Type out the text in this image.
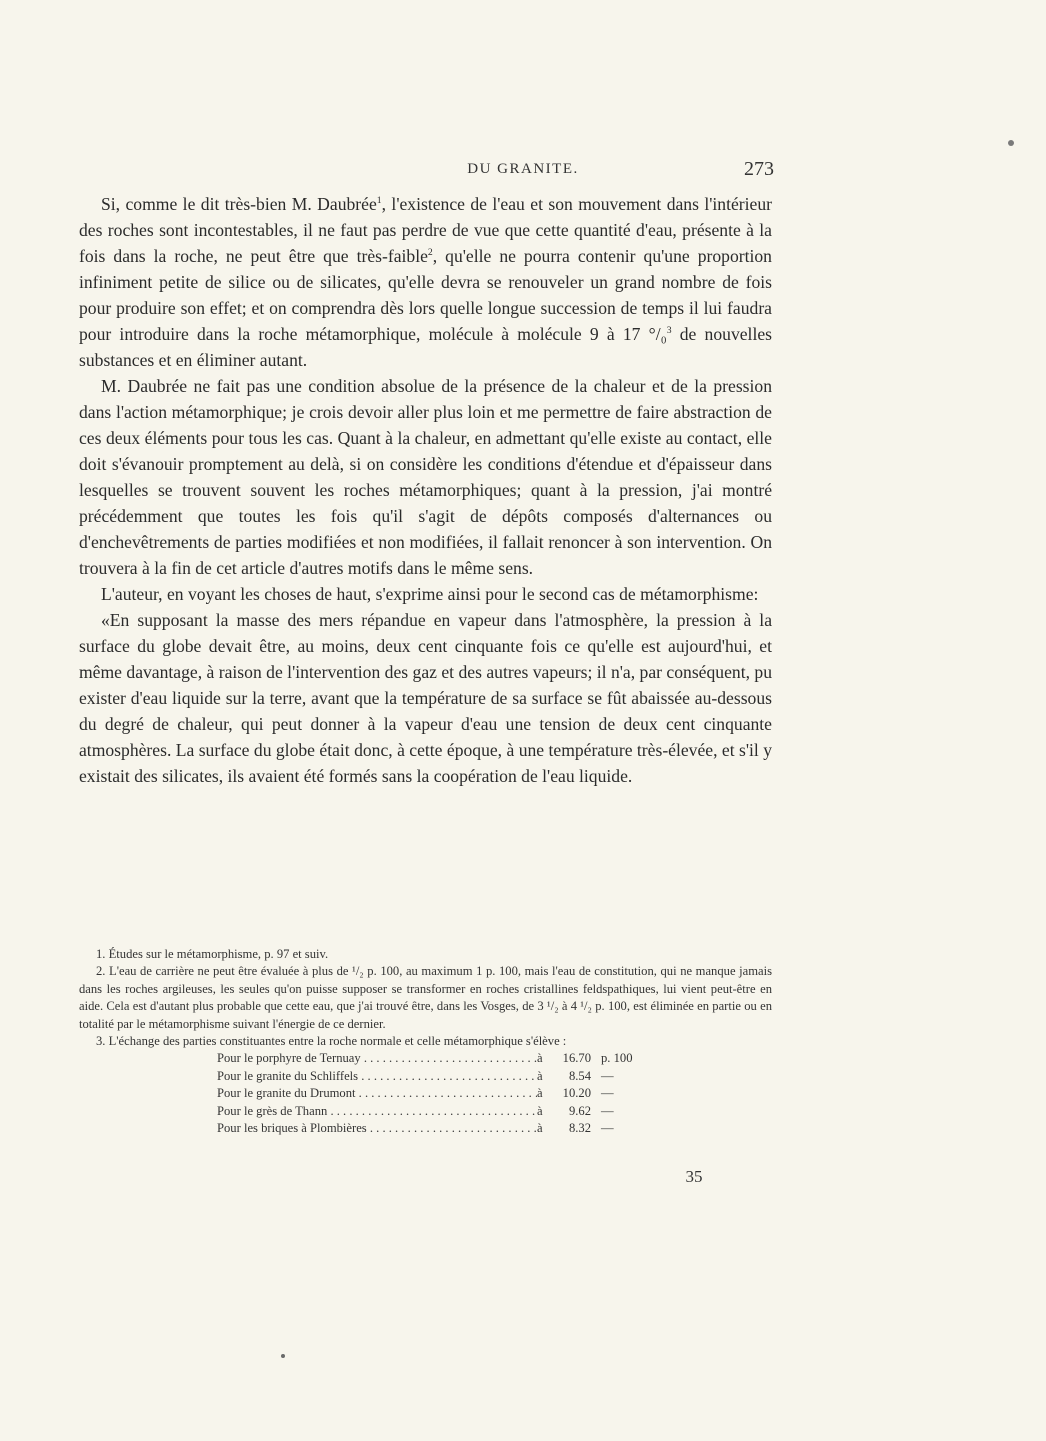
DU GRANITE.	273

Si, comme le dit très-bien M. Daubrée$^1$, l'existence de l'eau et son mouvement dans l'intérieur des roches sont incontestables, il ne faut pas perdre de vue que cette quantité d'eau, présente à la fois dans la roche, ne peut être que très-faible$^2$, qu'elle ne pourra contenir qu'une proportion infiniment petite de silice ou de silicates, qu'elle devra se renouveler un grand nombre de fois pour produire son effet; et on comprendra dès lors quelle longue succession de temps il lui faudra pour introduire dans la roche métamorphique, molécule à molécule 9 à 17 °/₀$^3$ de nouvelles substances et en éliminer autant.

M. Daubrée ne fait pas une condition absolue de la présence de la chaleur et de la pression dans l'action métamorphique; je crois devoir aller plus loin et me permettre de faire abstraction de ces deux éléments pour tous les cas. Quant à la chaleur, en admettant qu'elle existe au contact, elle doit s'évanouir promptement au delà, si on considère les conditions d'étendue et d'épaisseur dans lesquelles se trouvent souvent les roches métamorphiques; quant à la pression, j'ai montré précédemment que toutes les fois qu'il s'agit de dépôts composés d'alternances ou d'enchevêtrements de parties modifiées et non modifiées, il fallait renoncer à son intervention. On trouvera à la fin de cet article d'autres motifs dans le même sens.

L'auteur, en voyant les choses de haut, s'exprime ainsi pour le second cas de métamorphisme:

«En supposant la masse des mers répandue en vapeur dans l'atmosphère, la pression à la surface du globe devait être, au moins, deux cent cinquante fois ce qu'elle est aujourd'hui, et même davantage, à raison de l'intervention des gaz et des autres vapeurs; il n'a, par conséquent, pu exister d'eau liquide sur la terre, avant que la température de sa surface se fût abaissée au-dessous du degré de chaleur, qui peut donner à la vapeur d'eau une tension de deux cent cinquante atmosphères. La surface du globe était donc, à cette époque, à une température très-élevée, et s'il y existait des silicates, ils avaient été formés sans la coopération de l'eau liquide.

1. Études sur le métamorphisme, p. 97 et suiv.

2. L'eau de carrière ne peut être évaluée à plus de ¹/₂ p. 100, au maximum 1 p. 100, mais l'eau de constitution, qui ne manque jamais dans les roches argileuses, les seules qu'on puisse supposer se transformer en roches cristallines feldspathiques, lui vient peut-être en aide. Cela est d'autant plus probable que cette eau, que j'ai trouvé être, dans les Vosges, de 3 ¹/₂ à 4 ¹/₂ p. 100, est éliminée en partie ou en totalité par le métamorphisme suivant l'énergie de ce dernier.

3. L'échange des parties constituantes entre la roche normale et celle métamorphique s'élève :

Pour le porphyre de Ternuay . . .	à	16.70 p. 100
Pour le granite du Schliffels . . .	à	8.54 —
Pour le granite du Drumont . . .	à	10.20 —
Pour le grès de Thann . . .	à	9.62 —
Pour les briques à Plombières . . .	à	8.32 —
35
